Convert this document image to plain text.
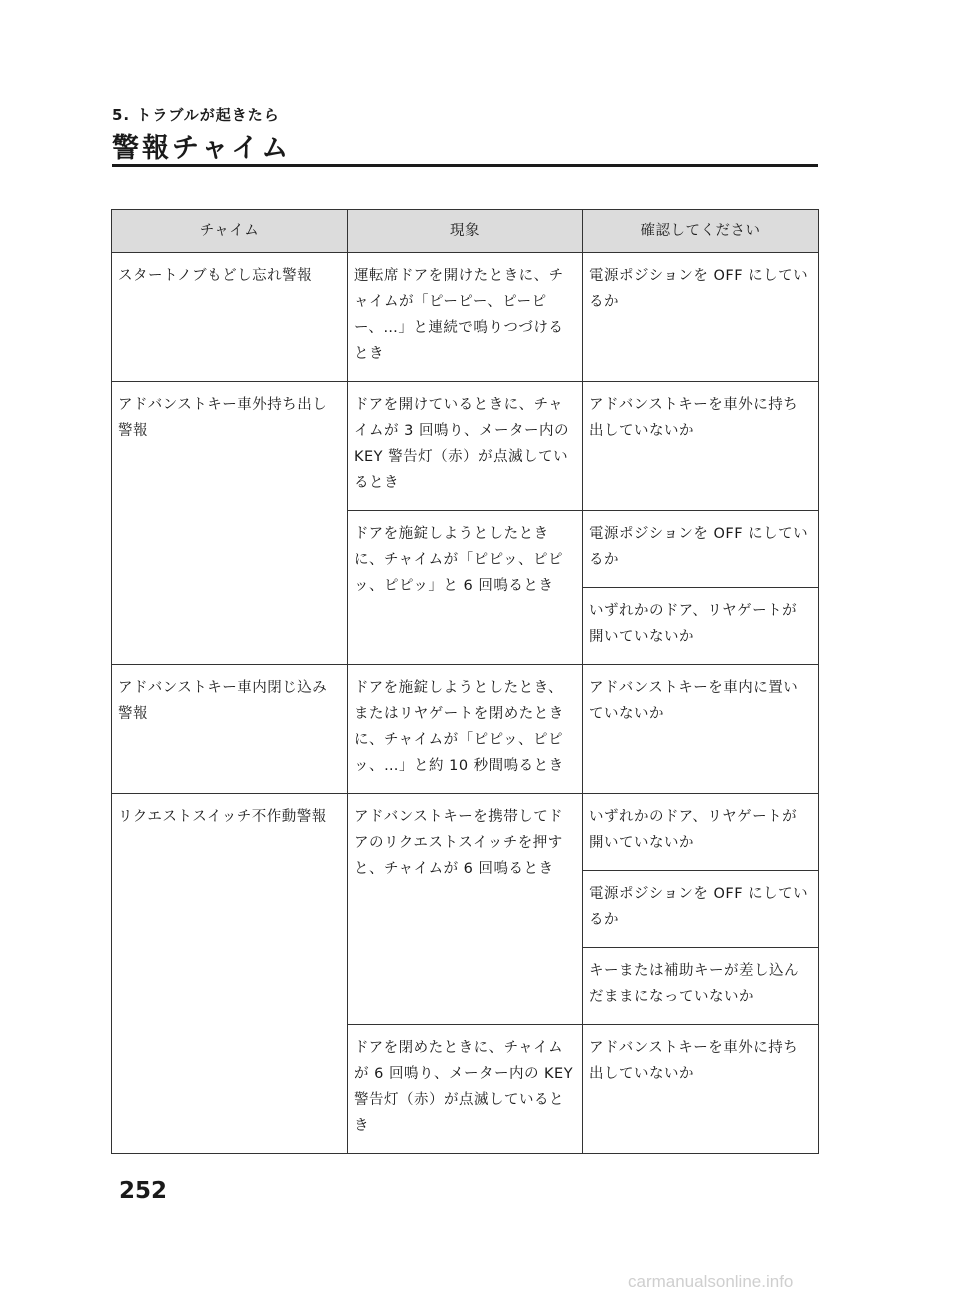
5. トラブルが起きたら
警報チャイム
チャイム	現象	確認してください
スタートノブもどし忘れ警報	運転席ドアを開けたときに、チャイムが「ピーピー、ピーピー、…」と連続で鳴りつづけるとき	電源ポジションを OFF にしているか
アドバンストキー車外持ち出し警報	ドアを開けているときに、チャイムが 3 回鳴り、メーター内の KEY 警告灯（赤）が点滅しているとき	アドバンストキーを車外に持ち出していないか
	ドアを施錠しようとしたときに、チャイムが「ピピッ、ピピッ、ピピッ」と 6 回鳴るとき	電源ポジションを OFF にしているか
		いずれかのドア、リヤゲートが開いていないか
アドバンストキー車内閉じ込み警報	ドアを施錠しようとしたとき、またはリヤゲートを閉めたときに、チャイムが「ピピッ、ピピッ、…」と約 10 秒間鳴るとき	アドバンストキーを車内に置いていないか
リクエストスイッチ不作動警報	アドバンストキーを携帯してドアのリクエストスイッチを押すと、チャイムが 6 回鳴るとき	いずれかのドア、リヤゲートが開いていないか
		電源ポジションを OFF にしているか
		キーまたは補助キーが差し込んだままになっていないか
	ドアを閉めたときに、チャイムが 6 回鳴り、メーター内の KEY 警告灯（赤）が点滅しているとき	アドバンストキーを車外に持ち出していないか
252
carmanualsonline.info
